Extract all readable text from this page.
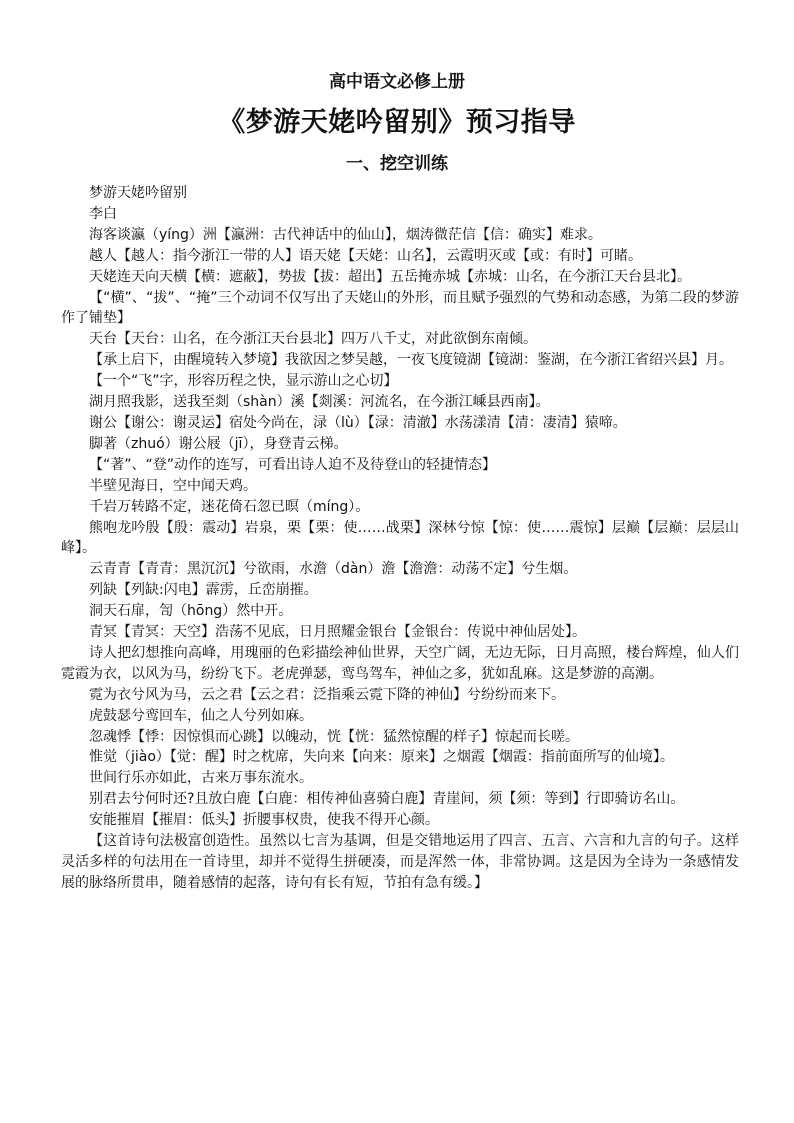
高中语文必修上册
《梦游天姥吟留别》预习指导
一、挖空训练

梦游天姥吟留别

李白

海客谈瀛（yíng）洲【瀛洲：古代神话中的仙山】，烟涛微茫信【信：确实】难求。

越人【越人：指今浙江一带的人】语天姥【天姥：山名】，云霞明灭或【或：有时】可睹。

天姥连天向天横【横：遮蔽】，势拔【拔：超出】五岳掩赤城【赤城：山名，在今浙江天台县北】。

【“横”、“拔”、“掩”三个动词不仅写出了天姥山的外形，而且赋予强烈的气势和动态感，为第二段的梦游作了铺垫】

天台【天台：山名，在今浙江天台县北】四万八千丈，对此欲倒东南倾。

【承上启下，由醒境转入梦境】我欲因之梦吴越，一夜飞度镜湖【镜湖：鉴湖，在今浙江省绍兴县】月。

【一个“飞”字，形容历程之快，显示游山之心切】

湖月照我影，送我至剡（shàn）溪【剡溪：河流名，在今浙江嵊县西南】。

谢公【谢公：谢灵运】宿处今尚在，渌（lù）【渌：清澈】水荡漾清【清：凄清】猿啼。

脚著（zhuó）谢公屐（jī），身登青云梯。

【“著”、“登”动作的连写，可看出诗人迫不及待登山的轻捷情态】

半壁见海日，空中闻天鸡。

千岩万转路不定，迷花倚石忽已暝（míng）。

熊咆龙吟殷【殷：震动】岩泉，栗【栗：使……战栗】深林兮惊【惊：使……震惊】层巅【层巅：层层山峰】。

云青青【青青：黑沉沉】兮欲雨，水澹（dàn）澹【澹澹：动荡不定】兮生烟。

列缺【列缺:闪电】霹雳，丘峦崩摧。

洞天石扉，訇（hōng）然中开。

青冥【青冥：天空】浩荡不见底，日月照耀金银台【金银台：传说中神仙居处】。

诗人把幻想推向高峰，用瑰丽的色彩描绘神仙世界，天空广阔，无边无际，日月高照，楼台辉煌，仙人们霓霞为衣，以风为马，纷纷飞下。老虎弹瑟，鸾鸟驾车，神仙之多，犹如乱麻。这是梦游的高潮。

霓为衣兮风为马，云之君【云之君：泛指乘云霓下降的神仙】兮纷纷而来下。

虎鼓瑟兮鸾回车，仙之人兮列如麻。

忽魂悸【悸：因惊惧而心跳】以魄动，恍【恍：猛然惊醒的样子】惊起而长嗟。

惟觉（jiào）【觉：醒】时之枕席，失向来【向来：原来】之烟霞【烟霞：指前面所写的仙境】。

世间行乐亦如此，古来万事东流水。

别君去兮何时还?且放白鹿【白鹿：相传神仙喜骑白鹿】青崖间，须【须：等到】行即骑访名山。

安能摧眉【摧眉：低头】折腰事权贵，使我不得开心颜。

【这首诗句法极富创造性。虽然以七言为基调，但是交错地运用了四言、五言、六言和九言的句子。这样灵活多样的句法用在一首诗里，却并不觉得生拼硬凑，而是浑然一体，非常协调。这是因为全诗为一条感情发展的脉络所贯串，随着感情的起落，诗句有长有短，节拍有急有缓。】
